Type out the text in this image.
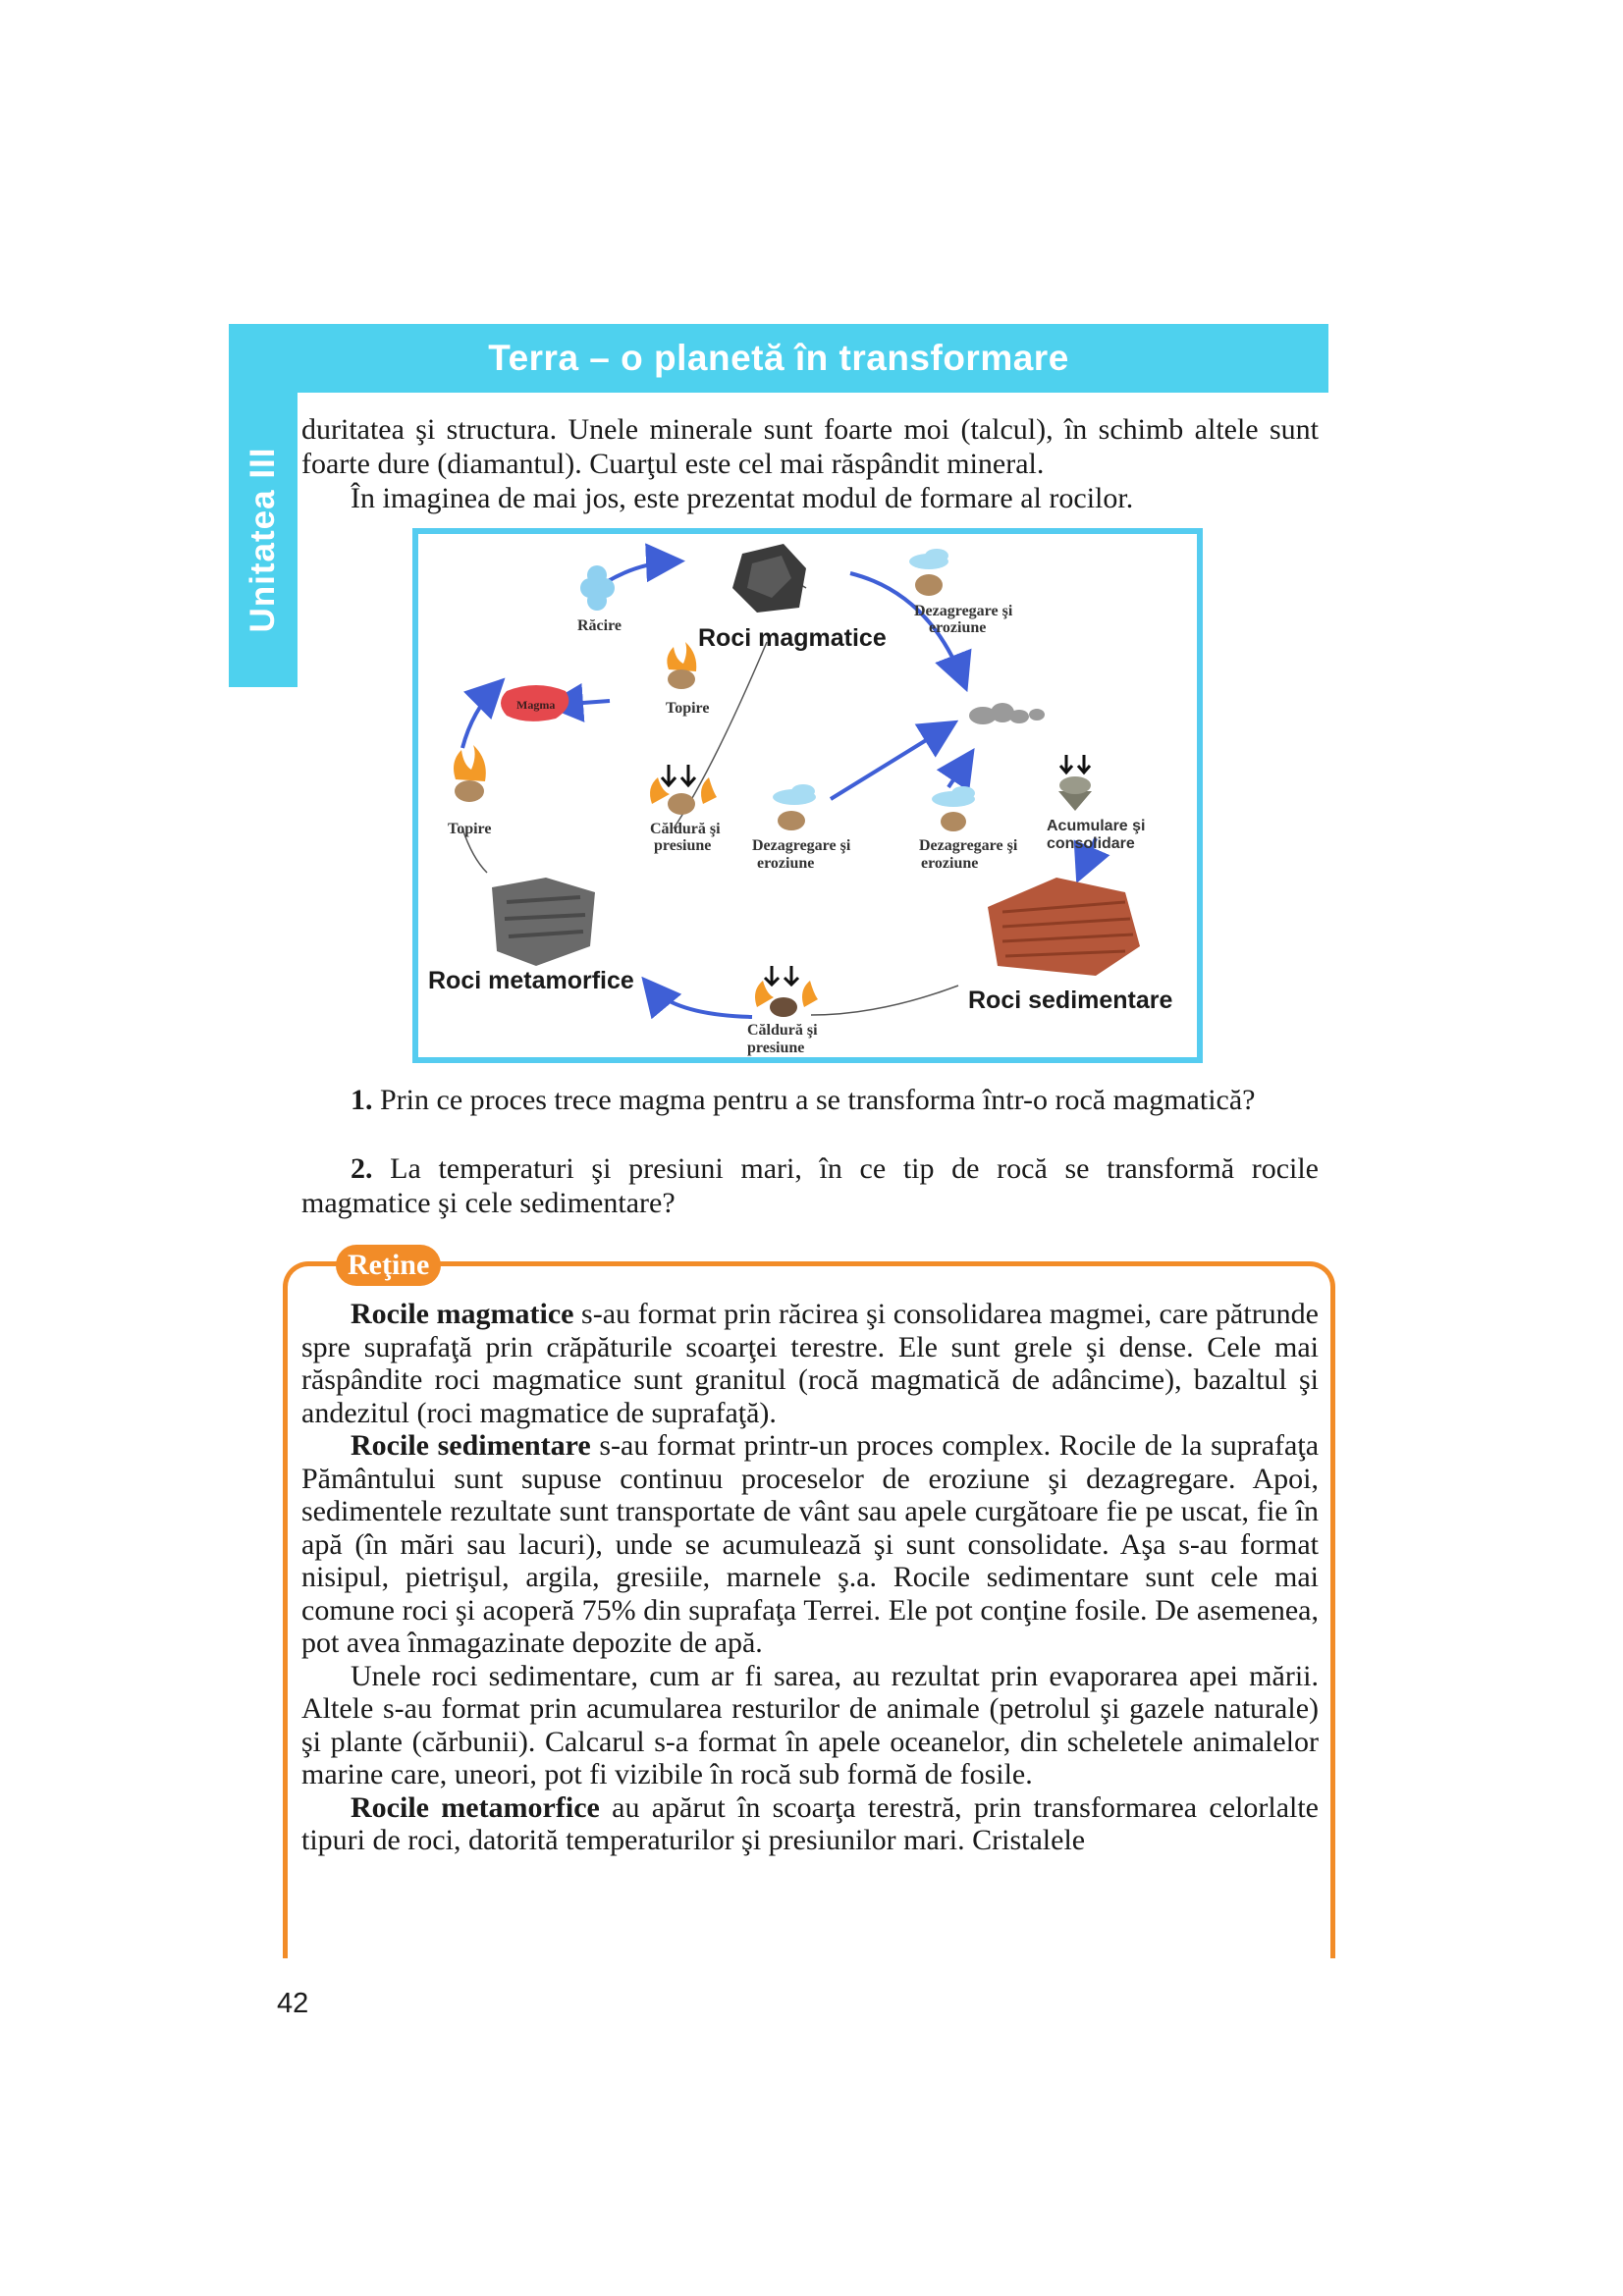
Terra – o planetă în transformare
Unitatea III

duritatea şi structura. Unele minerale sunt foarte moi (talcul), în schimb altele sunt foarte dure (diamantul). Cuarţul este cel mai răspândit mineral.

În imaginea de mai jos, este prezentat modul de formare al rocilor.

Roci magmatice
Răcire
Dezagregare şi
eroziune
Magma	Topire
Topire	Căldură şi
presiune	Dezagregare şi
eroziune
Dezagregare şi
eroziune
Acumulare şi
consolidare
Roci metamorfice
Roci sedimentare
Căldură şi
presiune

1. Prin ce proces trece magma pentru a se transforma într-o rocă magmatică?

2. La temperaturi şi presiuni mari, în ce tip de rocă se transformă rocile magmatice şi cele sedimentare?

Reţine

Rocile magmatice s-au format prin răcirea şi consolidarea magmei, care pătrunde spre suprafaţă prin crăpăturile scoarţei terestre. Ele sunt grele şi dense. Cele mai răspândite roci magmatice sunt granitul (rocă magmatică de adâncime), bazaltul şi andezitul (roci magmatice de suprafaţă).

Rocile sedimentare s-au format printr-un proces complex. Rocile de la suprafaţa Pământului sunt supuse continuu proceselor de eroziune şi dezagregare. Apoi, sedimentele rezultate sunt transportate de vânt sau apele curgătoare fie pe uscat, fie în apă (în mări sau lacuri), unde se acumulează şi sunt consolidate. Aşa s-au format nisipul, pietrişul, argila, gresiile, marnele ş.a. Rocile sedimentare sunt cele mai comune roci şi acoperă 75% din suprafaţa Terrei. Ele pot conţine fosile. De asemenea, pot avea înmagazinate depozite de apă.

Unele roci sedimentare, cum ar fi sarea, au rezultat prin evaporarea apei mării. Altele s-au format prin acumularea resturilor de animale (petrolul şi gazele naturale) şi plante (cărbunii). Calcarul s-a format în apele oceanelor, din scheletele animalelor marine care, uneori, pot fi vizibile în rocă sub formă de fosile.

Rocile metamorfice au apărut în scoarţa terestră, prin transformarea celorlalte tipuri de roci, datorită temperaturilor şi presiunilor mari. Cristalele

42
